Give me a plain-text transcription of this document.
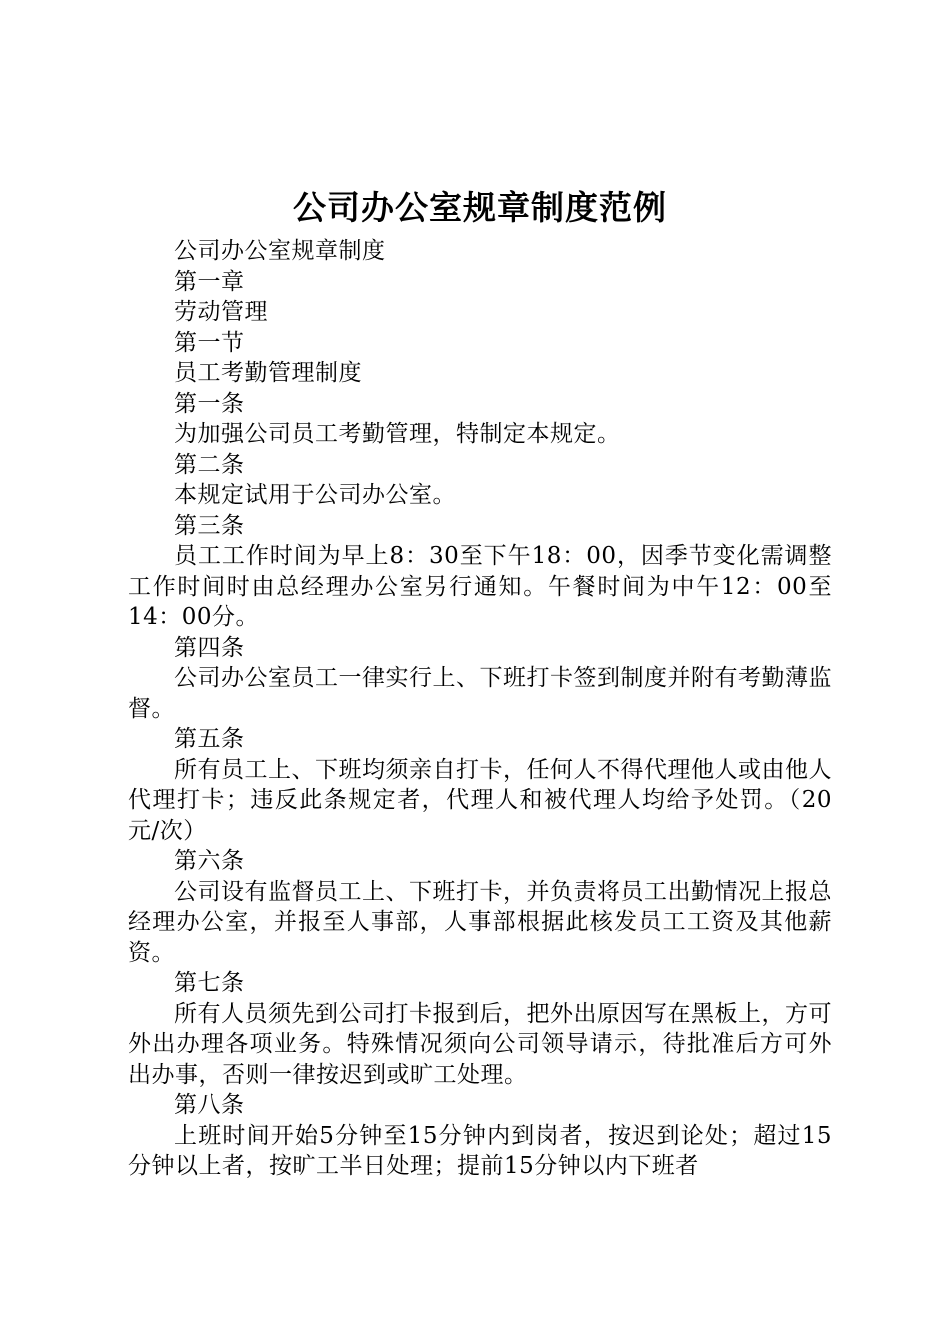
公司办公室规章制度范例

公司办公室规章制度

第一章

劳动管理

第一节

员工考勤管理制度

第一条

为加强公司员工考勤管理，特制定本规定。

第二条

本规定试用于公司办公室。

第三条

员工工作时间为早上8：30至下午18：00，因季节变化需调整工作时间时由总经理办公室另行通知。午餐时间为中午12：00至14：00分。

第四条

公司办公室员工一律实行上、下班打卡签到制度并附有考勤薄监督。

第五条

所有员工上、下班均须亲自打卡，任何人不得代理他人或由他人代理打卡；违反此条规定者，代理人和被代理人均给予处罚。（20元/次）

第六条

公司设有监督员工上、下班打卡，并负责将员工出勤情况上报总经理办公室，并报至人事部，人事部根据此核发员工工资及其他薪资。

第七条

所有人员须先到公司打卡报到后，把外出原因写在黑板上，方可外出办理各项业务。特殊情况须向公司领导请示，待批准后方可外出办事，否则一律按迟到或旷工处理。

第八条

上班时间开始5分钟至15分钟内到岗者，按迟到论处；超过15分钟以上者，按旷工半日处理；提前15分钟以内下班者
